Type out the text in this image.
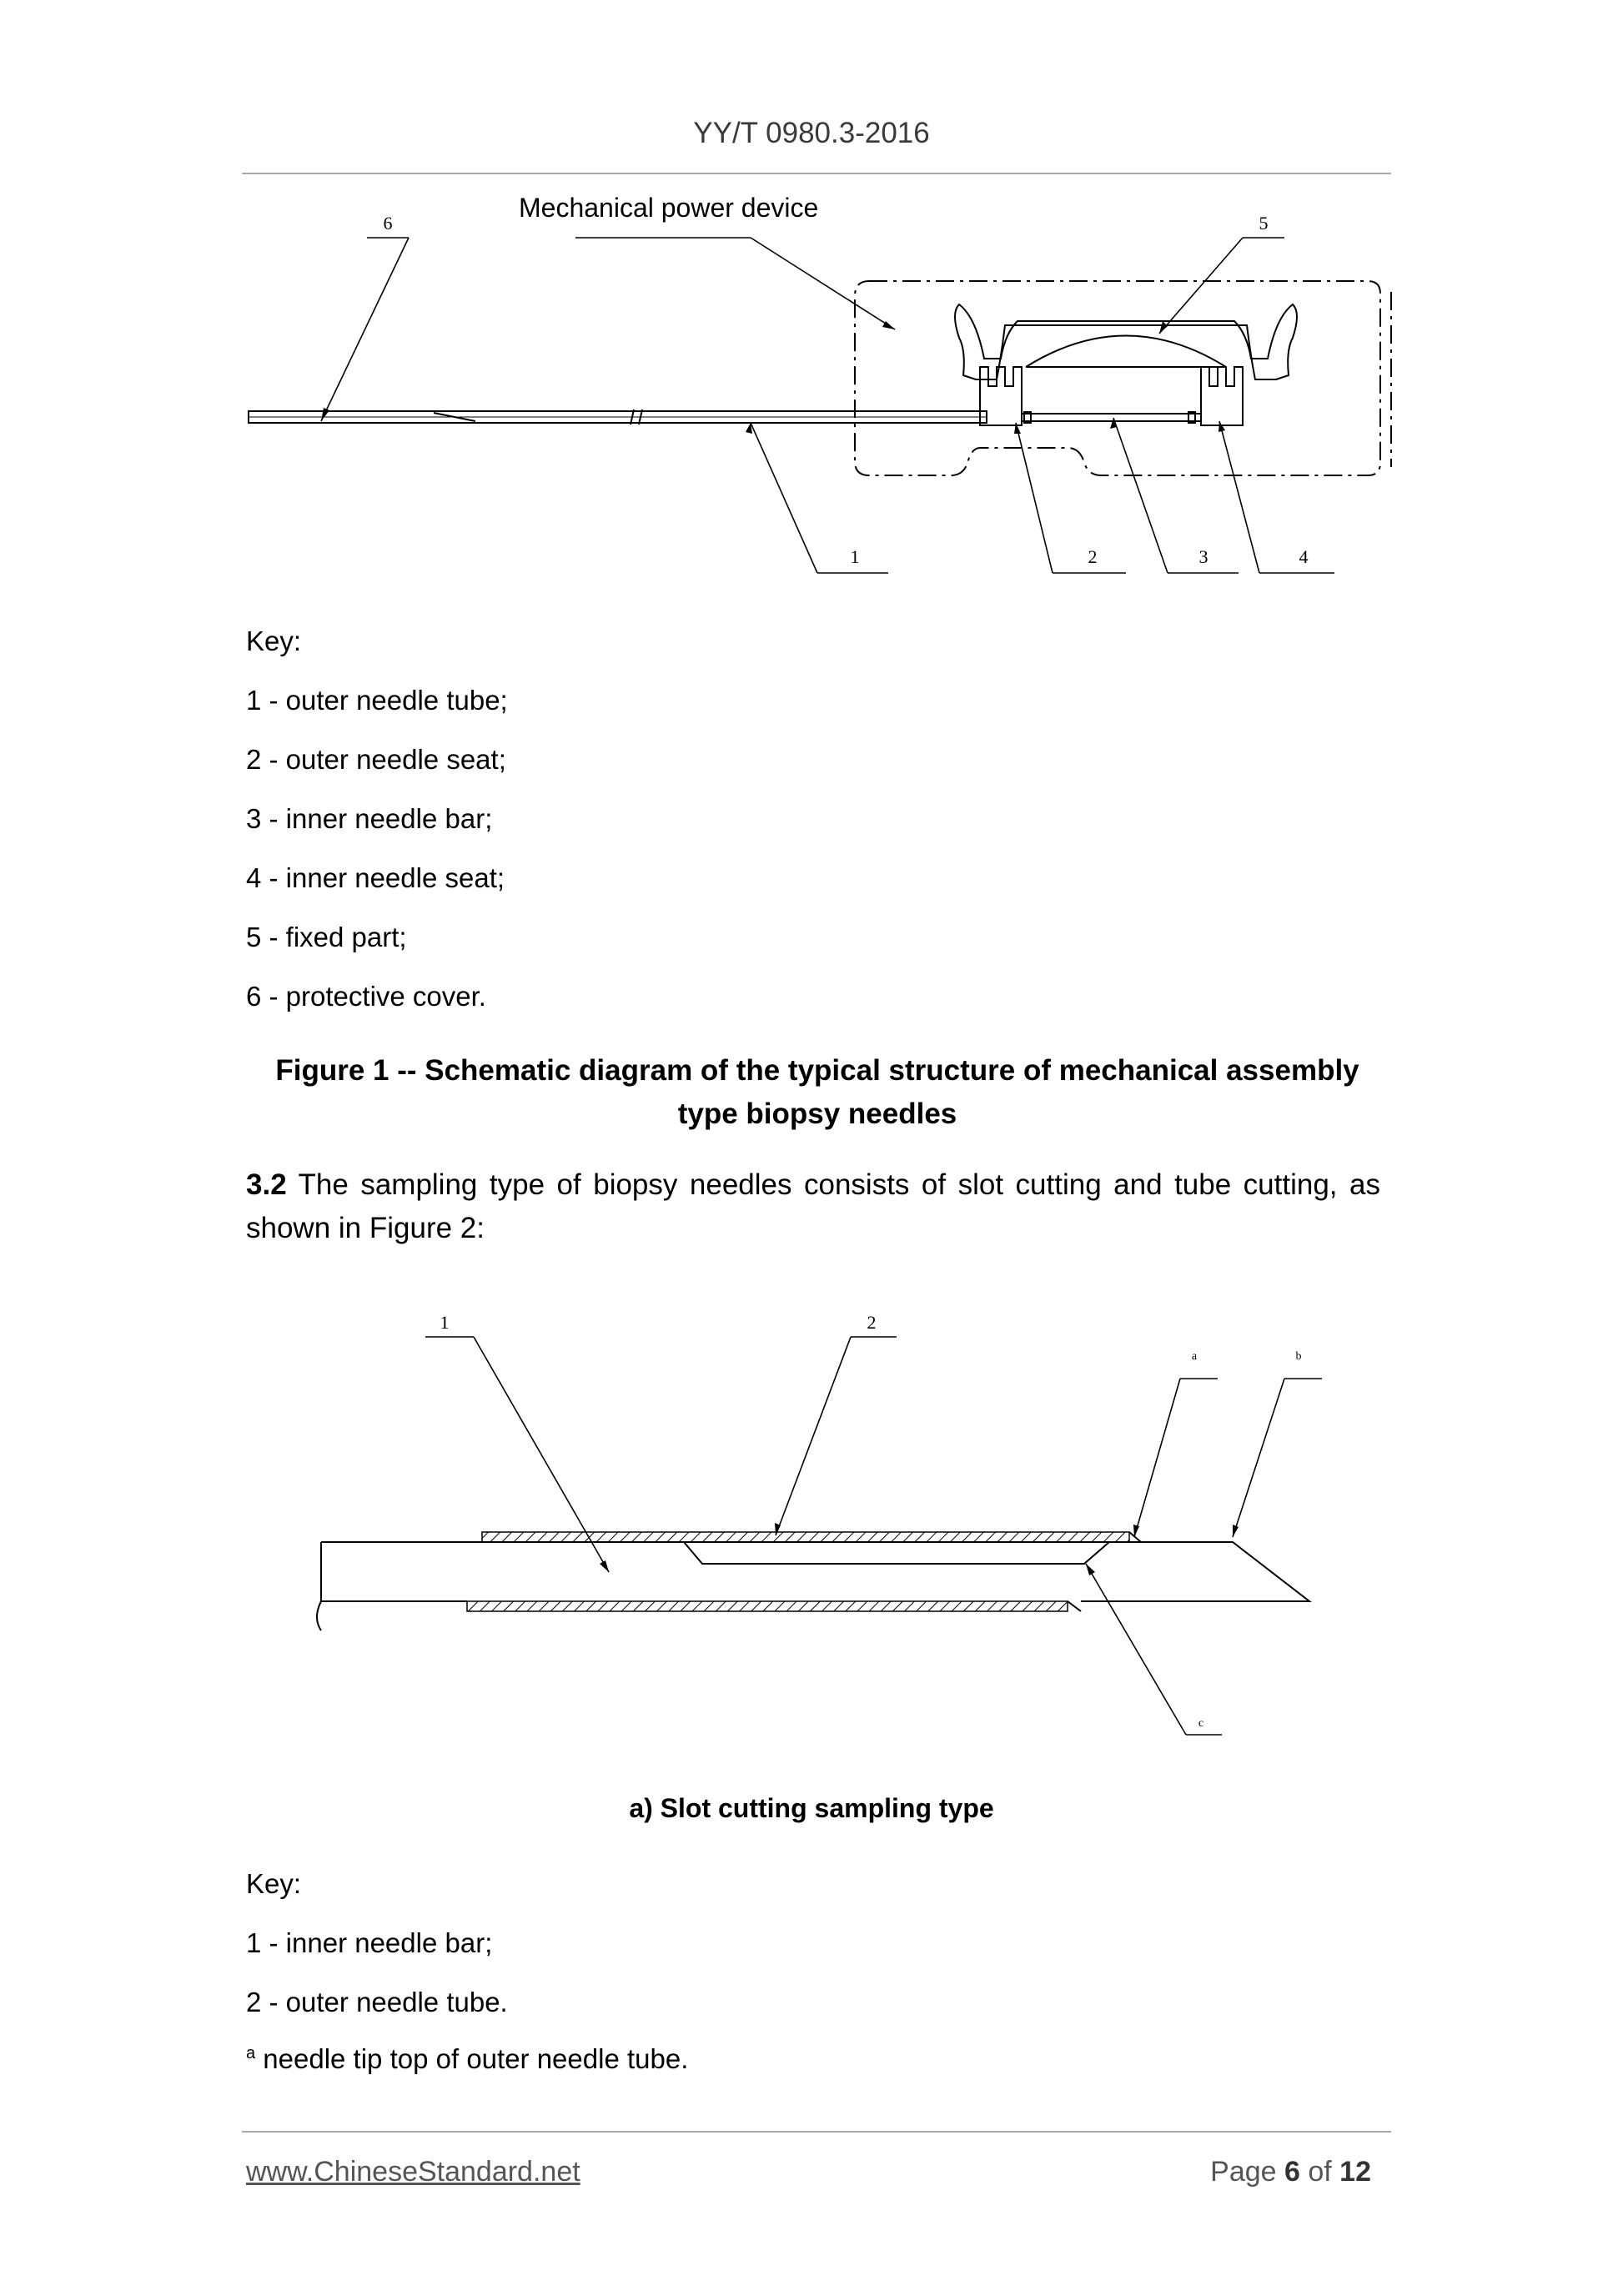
YY/T 0980.3-2016
6	5
1	2	3	4
Mechanical power device
Key:
1 - outer needle tube;
2 - outer needle seat;
3 - inner needle bar;
4 - inner needle seat;
5 - fixed part;
6 - protective cover.
Figure 1 -- Schematic diagram of the typical structure of mechanical assembly type biopsy needles
3.2 The sampling type of biopsy needles consists of slot cutting and tube cutting, as shown in Figure 2:
1	2
a	b
c
a) Slot cutting sampling type
Key:
1 - inner needle bar;
2 - outer needle tube.
$^a$ needle tip top of outer needle tube.
www.ChineseStandard.net	Page 6 of 12
